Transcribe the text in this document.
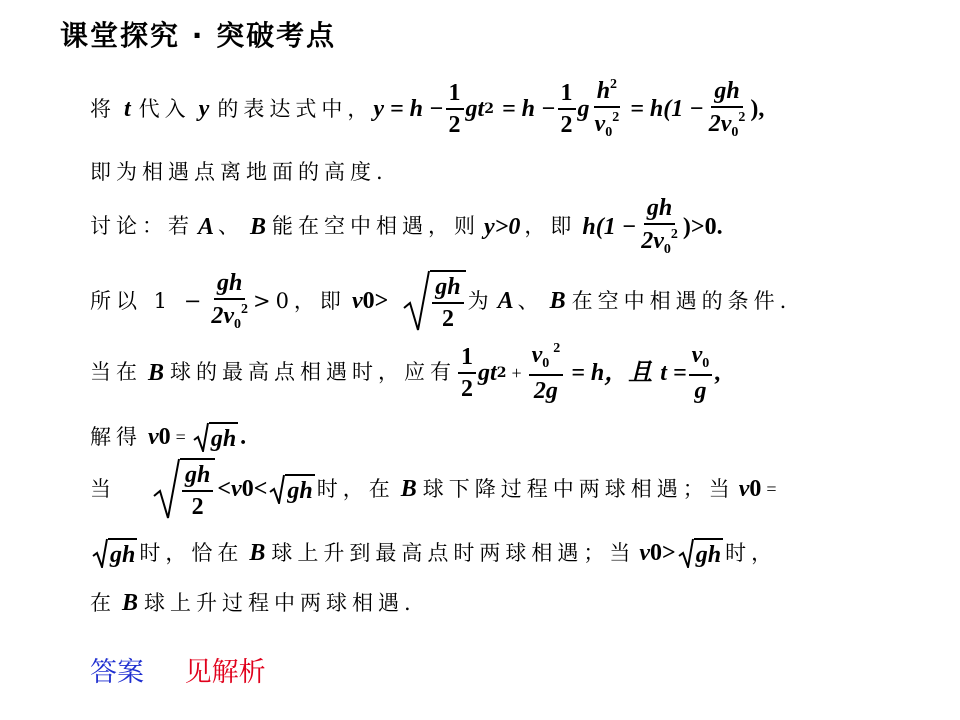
课堂探究 · 突破考点
将 t 代入 y 的表达式中， $y = h - \frac{1}{2}$ gt $2 = h - \frac{1}{2}$ g $\frac{h^2}{v_0^2} = h(1 - \frac{gh}{2v_0^2}$ ),
即为相遇点离地面的高度.
讨论：若 A 、 B 能在空中相遇，则 y>0 ，即 $h(1 - \frac{gh}{2v_0^2} )>0$.
所以 $1 - \frac{gh}{2v_0^2} >0$，即 v $0 > \frac{gh}{2}$ 为 A 、 B 在空中相遇的条件.
当在 B 球的最高点相遇时，应有 $\frac{1}{2}$ gt $2 + \frac{v_0^2}{2g} = h$，且 $t = \frac{v_0}{g}$ ,
解得 v 0 = gh .
当	$\frac{gh}{2} <v$ 0 < gh 时，在 B 球下降过程中两球相遇；当 v 0 =
gh 时，恰在 B 球上升到最高点时两球相遇；当 v 0 > gh 时，
在 B 球上升过程中两球相遇.
答案 见解析
